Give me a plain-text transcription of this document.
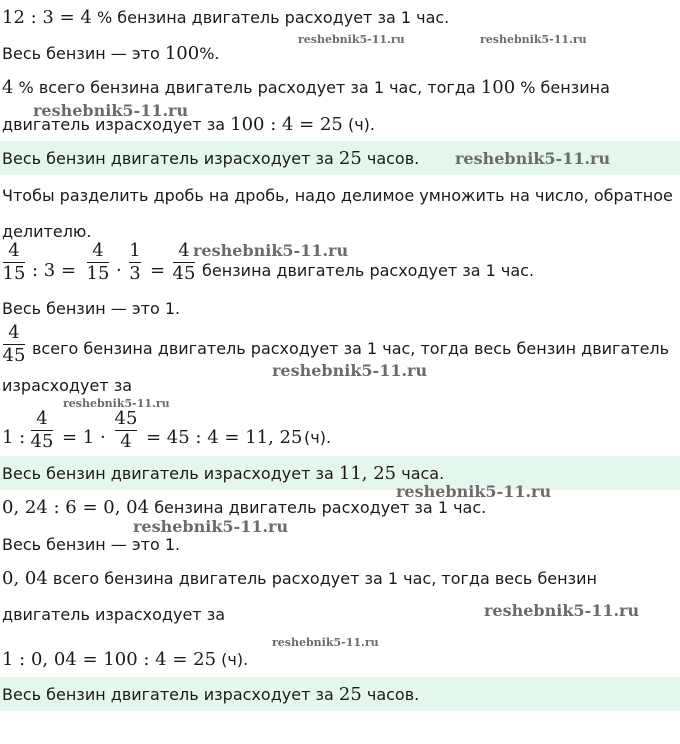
12 : 3 = 4 % бензина двигатель расходует за 1 час.
Весь бензин — это 100%.
4 % всего бензина двигатель расходует за 1 час, тогда 100 % бензина
двигатель израсходует за 100 : 4 = 25 (ч).
Весь бензин двигатель израсходует за 25 часов.
Чтобы разделить дробь на дробь, надо делимое умножить на число, обратное
делителю.
4
15 : 3 =
4
15 ·
1
3 =
4
45 бензина двигатель расходует за 1 час.
Весь бензин — это 1.
4
45 всего бензина двигатель расходует за 1 час, тогда весь бензин двигатель
израсходует за
1 :
4
45 = 1 ·
45
4 = 45 : 4 = 11, 25 (ч).
Весь бензин двигатель израсходует за 11, 25 часа.
0, 24 : 6 = 0, 04 бензина двигатель расходует за 1 час.
Весь бензин — это 1.
0, 04 всего бензина двигатель расходует за 1 час, тогда весь бензин
двигатель израсходует за
1 : 0, 04 = 100 : 4 = 25 (ч).
Весь бензин двигатель израсходует за 25 часов.
reshebnik5-11.ru	reshebnik5-11.ru
reshebnik5-11.ru
reshebnik5-11.ru
reshebnik5-11.ru
reshebnik5-11.ru
reshebnik5-11.ru
reshebnik5-11.ru
reshebnik5-11.ru
reshebnik5-11.ru
reshebnik5-11.ru
